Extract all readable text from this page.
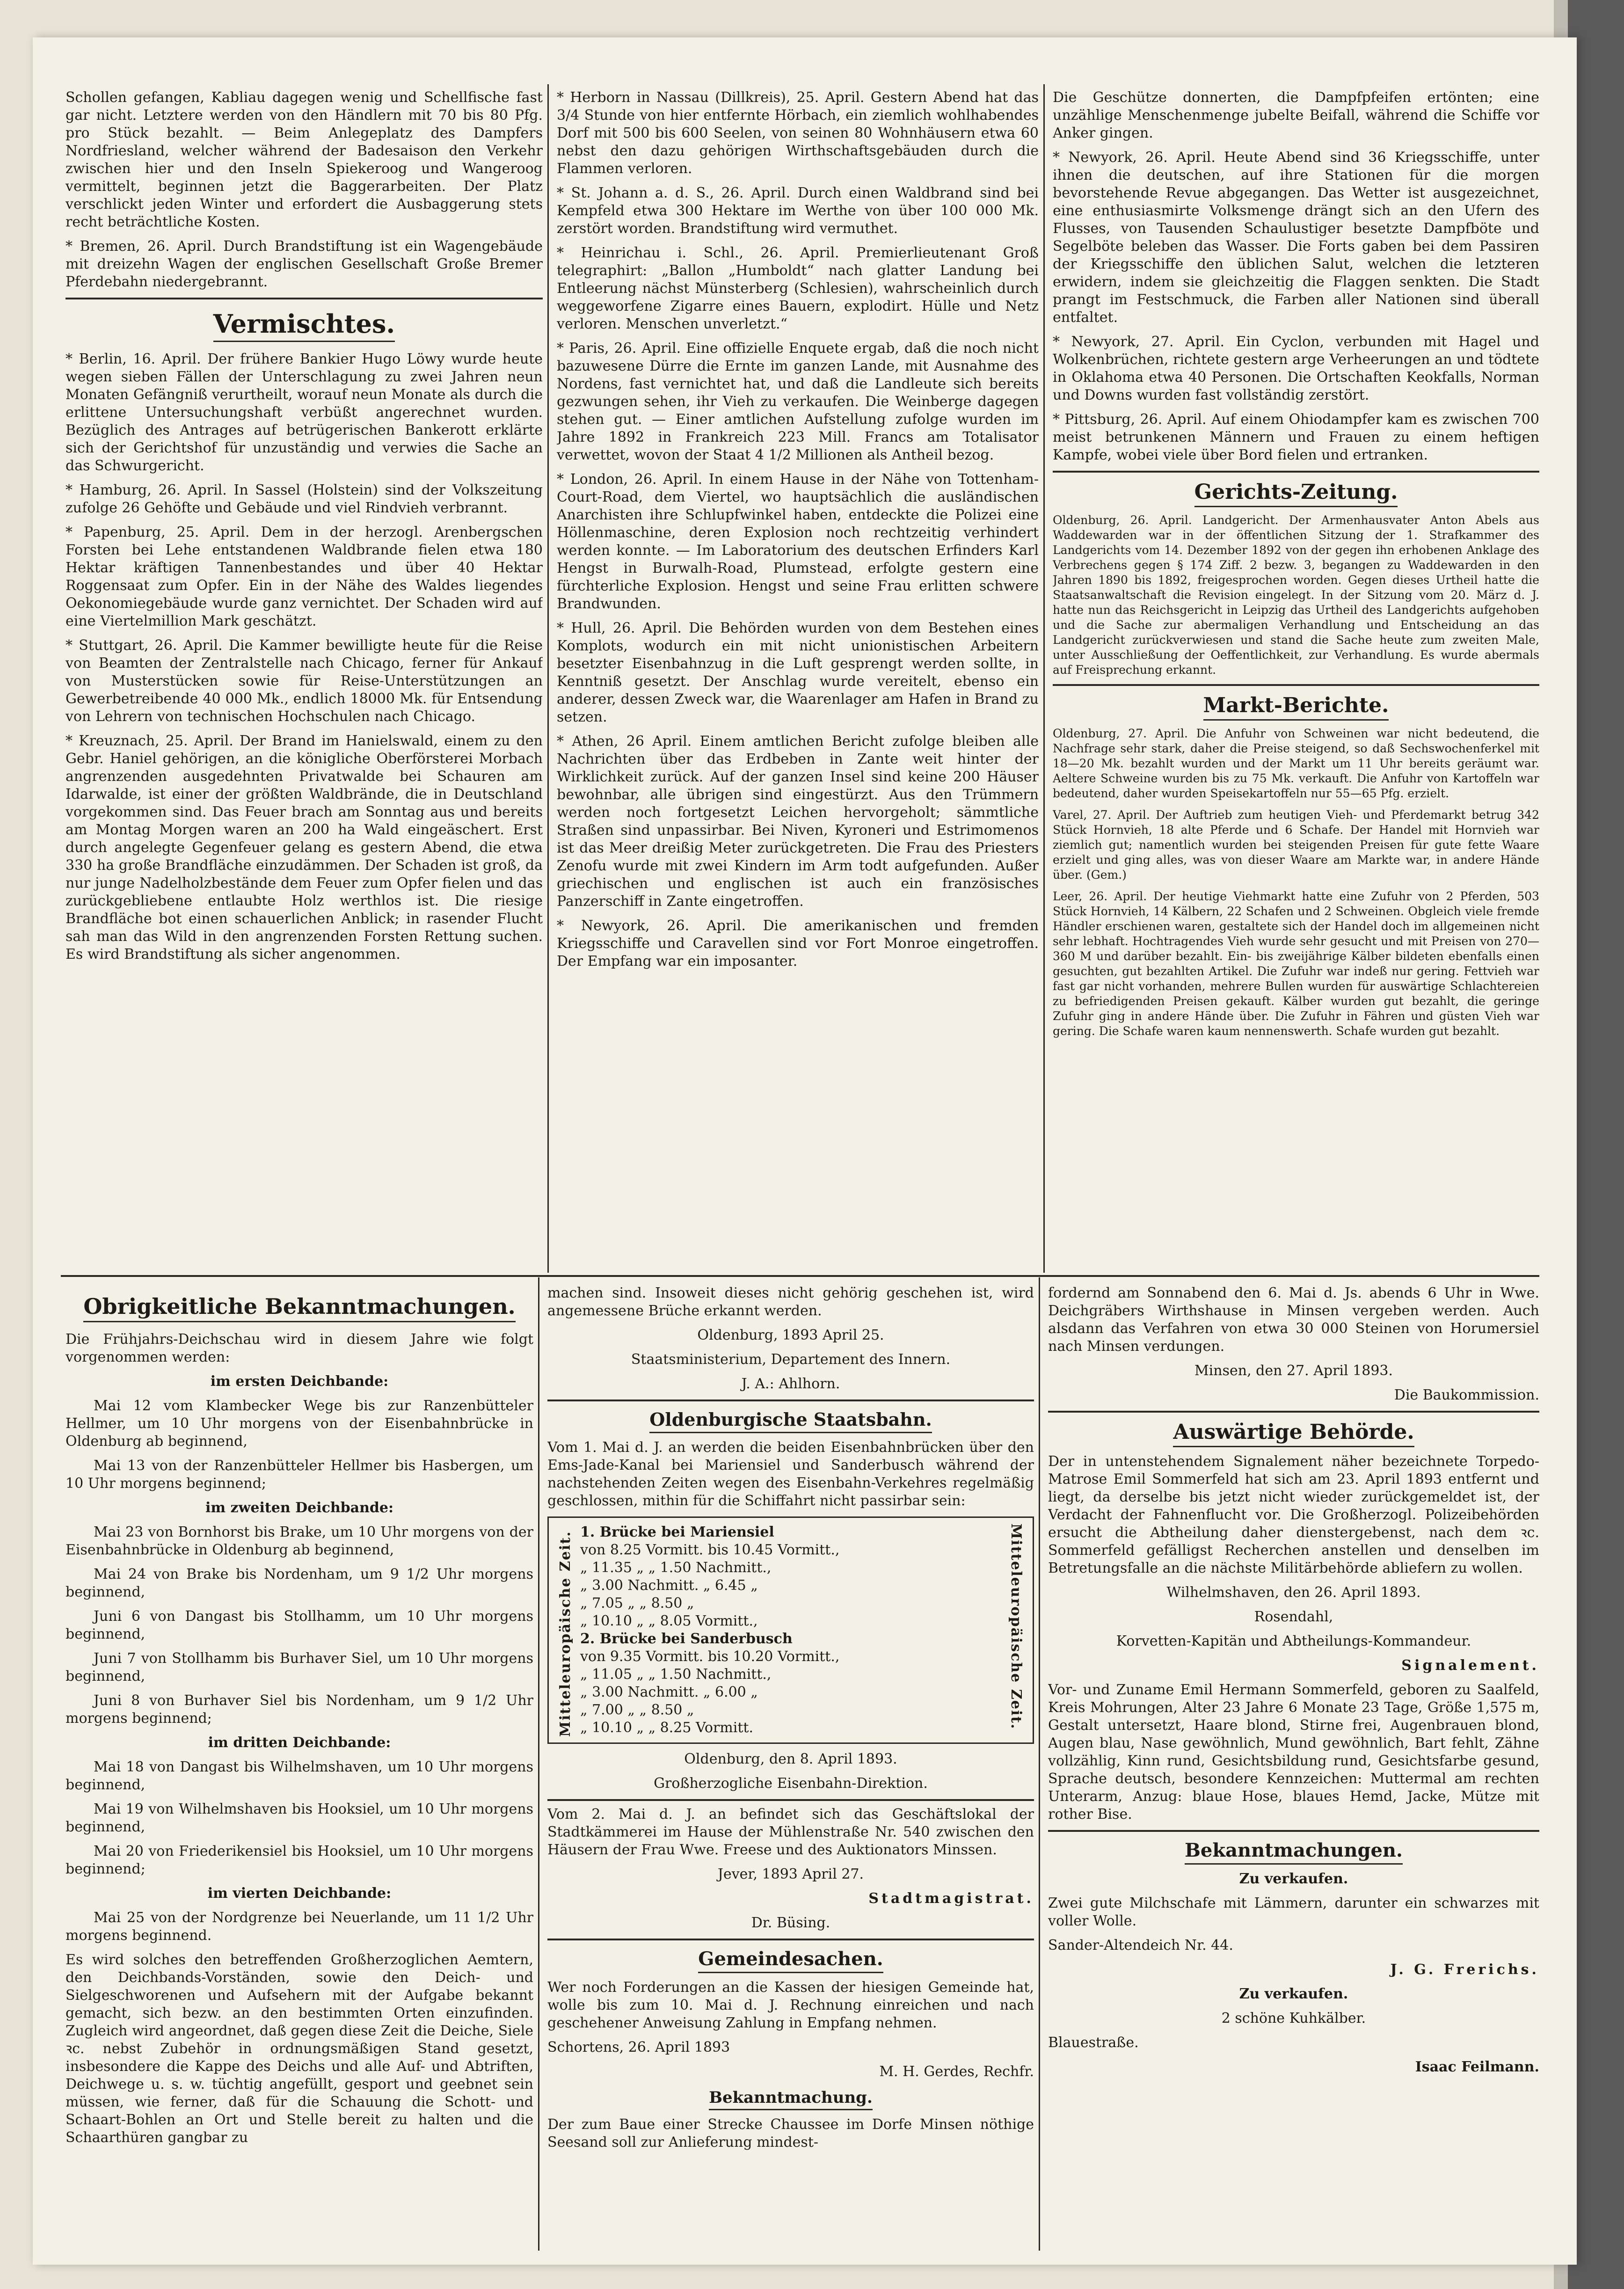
Schollen gefangen, Kabliau dagegen wenig und Schellfische fast gar nicht. Letztere werden von den Händlern mit 70 bis 80 Pfg. pro Stück bezahlt. — Beim Anlegeplatz des Dampfers Nordfriesland, welcher während der Badesaison den Verkehr zwischen hier und den Inseln Spiekeroog und Wangeroog vermittelt, beginnen jetzt die Baggerarbeiten. Der Platz verschlickt jeden Winter und erfordert die Ausbaggerung stets recht beträchtliche Kosten.

* Bremen, 26. April. Durch Brandstiftung ist ein Wagengebäude mit dreizehn Wagen der englischen Gesellschaft Große Bremer Pferdebahn niedergebrannt.

Vermischtes.

* Berlin, 16. April. Der frühere Bankier Hugo Löwy wurde heute wegen sieben Fällen der Unterschlagung zu zwei Jahren neun Monaten Gefängniß verurtheilt, worauf neun Monate als durch die erlittene Untersuchungshaft verbüßt angerechnet wurden. Bezüglich des Antrages auf betrügerischen Bankerott erklärte sich der Gerichtshof für unzuständig und verwies die Sache an das Schwurgericht.

* Hamburg, 26. April. In Sassel (Holstein) sind der Volkszeitung zufolge 26 Gehöfte und Gebäude und viel Rindvieh verbrannt.

* Papenburg, 25. April. Dem in der herzogl. Arenbergschen Forsten bei Lehe entstandenen Waldbrande fielen etwa 180 Hektar kräftigen Tannenbestandes und über 40 Hektar Roggensaat zum Opfer. Ein in der Nähe des Waldes liegendes Oekonomiegebäude wurde ganz vernichtet. Der Schaden wird auf eine Viertelmillion Mark geschätzt.

* Stuttgart, 26. April. Die Kammer bewilligte heute für die Reise von Beamten der Zentralstelle nach Chicago, ferner für Ankauf von Musterstücken sowie für Reise-Unterstützungen an Gewerbetreibende 40 000 Mk., endlich 18000 Mk. für Entsendung von Lehrern von technischen Hochschulen nach Chicago.

* Kreuznach, 25. April. Der Brand im Hanielswald, einem zu den Gebr. Haniel gehörigen, an die königliche Oberförsterei Morbach angrenzenden ausgedehnten Privatwalde bei Schauren am Idarwalde, ist einer der größten Waldbrände, die in Deutschland vorgekommen sind. Das Feuer brach am Sonntag aus und bereits am Montag Morgen waren an 200 ha Wald eingeäschert. Erst durch angelegte Gegenfeuer gelang es gestern Abend, die etwa 330 ha große Brandfläche einzudämmen. Der Schaden ist groß, da nur junge Nadelholzbestände dem Feuer zum Opfer fielen und das zurückgebliebene entlaubte Holz werthlos ist. Die riesige Brandfläche bot einen schauerlichen Anblick; in rasender Flucht sah man das Wild in den angrenzenden Forsten Rettung suchen. Es wird Brandstiftung als sicher angenommen.

* Herborn in Nassau (Dillkreis), 25. April. Gestern Abend hat das 3/4 Stunde von hier entfernte Hörbach, ein ziemlich wohlhabendes Dorf mit 500 bis 600 Seelen, von seinen 80 Wohnhäusern etwa 60 nebst den dazu gehörigen Wirthschaftsgebäuden durch die Flammen verloren.

* St. Johann a. d. S., 26. April. Durch einen Waldbrand sind bei Kempfeld etwa 300 Hektare im Werthe von über 100 000 Mk. zerstört worden. Brandstiftung wird vermuthet.

* Heinrichau i. Schl., 26. April. Premierlieutenant Groß telegraphirt: „Ballon „Humboldt“ nach glatter Landung bei Entleerung nächst Münsterberg (Schlesien), wahrscheinlich durch weggeworfene Zigarre eines Bauern, explodirt. Hülle und Netz verloren. Menschen unverletzt.“

* Paris, 26. April. Eine offizielle Enquete ergab, daß die noch nicht bazuwesene Dürre die Ernte im ganzen Lande, mit Ausnahme des Nordens, fast vernichtet hat, und daß die Landleute sich bereits gezwungen sehen, ihr Vieh zu verkaufen. Die Weinberge dagegen stehen gut. — Einer amtlichen Aufstellung zufolge wurden im Jahre 1892 in Frankreich 223 Mill. Francs am Totalisator verwettet, wovon der Staat 4 1/2 Millionen als Antheil bezog.

* London, 26. April. In einem Hause in der Nähe von Tottenham-Court-Road, dem Viertel, wo hauptsächlich die ausländischen Anarchisten ihre Schlupfwinkel haben, entdeckte die Polizei eine Höllenmaschine, deren Explosion noch rechtzeitig verhindert werden konnte. — Im Laboratorium des deutschen Erfinders Karl Hengst in Burwalh-Road, Plumstead, erfolgte gestern eine fürchterliche Explosion. Hengst und seine Frau erlitten schwere Brandwunden.

* Hull, 26. April. Die Behörden wurden von dem Bestehen eines Komplots, wodurch ein mit nicht unionistischen Arbeitern besetzter Eisenbahnzug in die Luft gesprengt werden sollte, in Kenntniß gesetzt. Der Anschlag wurde vereitelt, ebenso ein anderer, dessen Zweck war, die Waarenlager am Hafen in Brand zu setzen.

* Athen, 26 April. Einem amtlichen Bericht zufolge bleiben alle Nachrichten über das Erdbeben in Zante weit hinter der Wirklichkeit zurück. Auf der ganzen Insel sind keine 200 Häuser bewohnbar, alle übrigen sind eingestürzt. Aus den Trümmern werden noch fortgesetzt Leichen hervorgeholt; sämmtliche Straßen sind unpassirbar. Bei Niven, Kyroneri und Estrimomenos ist das Meer dreißig Meter zurückgetreten. Die Frau des Priesters Zenofu wurde mit zwei Kindern im Arm todt aufgefunden. Außer griechischen und englischen ist auch ein französisches Panzerschiff in Zante eingetroffen.

* Newyork, 26. April. Die amerikanischen und fremden Kriegsschiffe und Caravellen sind vor Fort Monroe eingetroffen. Der Empfang war ein imposanter.

Die Geschütze donnerten, die Dampfpfeifen ertönten; eine unzählige Menschenmenge jubelte Beifall, während die Schiffe vor Anker gingen.

* Newyork, 26. April. Heute Abend sind 36 Kriegsschiffe, unter ihnen die deutschen, auf ihre Stationen für die morgen bevorstehende Revue abgegangen. Das Wetter ist ausgezeichnet, eine enthusiasmirte Volksmenge drängt sich an den Ufern des Flusses, von Tausenden Schaulustiger besetzte Dampfböte und Segelböte beleben das Wasser. Die Forts gaben bei dem Passiren der Kriegsschiffe den üblichen Salut, welchen die letzteren erwidern, indem sie gleichzeitig die Flaggen senkten. Die Stadt prangt im Festschmuck, die Farben aller Nationen sind überall entfaltet.

* Newyork, 27. April. Ein Cyclon, verbunden mit Hagel und Wolkenbrüchen, richtete gestern arge Verheerungen an und tödtete in Oklahoma etwa 40 Personen. Die Ortschaften Keokfalls, Norman und Downs wurden fast vollständig zerstört.

* Pittsburg, 26. April. Auf einem Ohiodampfer kam es zwischen 700 meist betrunkenen Männern und Frauen zu einem heftigen Kampfe, wobei viele über Bord fielen und ertranken.

Gerichts-Zeitung.

Oldenburg, 26. April. Landgericht. Der Armenhausvater Anton Abels aus Waddewarden war in der öffentlichen Sitzung der 1. Strafkammer des Landgerichts vom 14. Dezember 1892 von der gegen ihn erhobenen Anklage des Verbrechens gegen § 174 Ziff. 2 bezw. 3, begangen zu Waddewarden in den Jahren 1890 bis 1892, freigesprochen worden. Gegen dieses Urtheil hatte die Staatsanwaltschaft die Revision eingelegt. In der Sitzung vom 20. März d. J. hatte nun das Reichsgericht in Leipzig das Urtheil des Landgerichts aufgehoben und die Sache zur abermaligen Verhandlung und Entscheidung an das Landgericht zurückverwiesen und stand die Sache heute zum zweiten Male, unter Ausschließung der Oeffentlichkeit, zur Verhandlung. Es wurde abermals auf Freisprechung erkannt.

Markt-Berichte.

Oldenburg, 27. April. Die Anfuhr von Schweinen war nicht bedeutend, die Nachfrage sehr stark, daher die Preise steigend, so daß Sechswochenferkel mit 18—20 Mk. bezahlt wurden und der Markt um 11 Uhr bereits geräumt war. Aeltere Schweine wurden bis zu 75 Mk. verkauft. Die Anfuhr von Kartoffeln war bedeutend, daher wurden Speisekartoffeln nur 55—65 Pfg. erzielt.

Varel, 27. April. Der Auftrieb zum heutigen Vieh- und Pferdemarkt betrug 342 Stück Hornvieh, 18 alte Pferde und 6 Schafe. Der Handel mit Hornvieh war ziemlich gut; namentlich wurden bei steigenden Preisen für gute fette Waare erzielt und ging alles, was von dieser Waare am Markte war, in andere Hände über. (Gem.)

Leer, 26. April. Der heutige Viehmarkt hatte eine Zufuhr von 2 Pferden, 503 Stück Hornvieh, 14 Kälbern, 22 Schafen und 2 Schweinen. Obgleich viele fremde Händler erschienen waren, gestaltete sich der Handel doch im allgemeinen nicht sehr lebhaft. Hochtragendes Vieh wurde sehr gesucht und mit Preisen von 270—360 M und darüber bezahlt. Ein- bis zweijährige Kälber bildeten ebenfalls einen gesuchten, gut bezahlten Artikel. Die Zufuhr war indeß nur gering. Fettvieh war fast gar nicht vorhanden, mehrere Bullen wurden für auswärtige Schlachtereien zu befriedigenden Preisen gekauft. Kälber wurden gut bezahlt, die geringe Zufuhr ging in andere Hände über. Die Zufuhr in Fähren und güsten Vieh war gering. Die Schafe waren kaum nennenswerth. Schafe wurden gut bezahlt.

Obrigkeitliche Bekanntmachungen.

Die Frühjahrs-Deichschau wird in diesem Jahre wie folgt vorgenommen werden:

im ersten Deichbande:

Mai 12 vom Klambecker Wege bis zur Ranzenbütteler Hellmer, um 10 Uhr morgens von der Eisenbahnbrücke in Oldenburg ab beginnend,

Mai 13 von der Ranzenbütteler Hellmer bis Hasbergen, um 10 Uhr morgens beginnend;

im zweiten Deichbande:

Mai 23 von Bornhorst bis Brake, um 10 Uhr morgens von der Eisenbahnbrücke in Oldenburg ab beginnend,

Mai 24 von Brake bis Nordenham, um 9 1/2 Uhr morgens beginnend,

Juni 6 von Dangast bis Stollhamm, um 10 Uhr morgens beginnend,

Juni 7 von Stollhamm bis Burhaver Siel, um 10 Uhr morgens beginnend,

Juni 8 von Burhaver Siel bis Nordenham, um 9 1/2 Uhr morgens beginnend;

im dritten Deichbande:

Mai 18 von Dangast bis Wilhelmshaven, um 10 Uhr morgens beginnend,

Mai 19 von Wilhelmshaven bis Hooksiel, um 10 Uhr morgens beginnend,

Mai 20 von Friederikensiel bis Hooksiel, um 10 Uhr morgens beginnend;

im vierten Deichbande:

Mai 25 von der Nordgrenze bei Neuerlande, um 11 1/2 Uhr morgens beginnend.

Es wird solches den betreffenden Großherzoglichen Aemtern, den Deichbands-Vorständen, sowie den Deich- und Sielgeschworenen und Aufsehern mit der Aufgabe bekannt gemacht, sich bezw. an den bestimmten Orten einzufinden. Zugleich wird angeordnet, daß gegen diese Zeit die Deiche, Siele ꝛc. nebst Zubehör in ordnungsmäßigen Stand gesetzt, insbesondere die Kappe des Deichs und alle Auf- und Abtriften, Deichwege u. s. w. tüchtig angefüllt, gesport und geebnet sein müssen, wie ferner, daß für die Schauung die Schott- und Schaart-Bohlen an Ort und Stelle bereit zu halten und die Schaarthüren gangbar zu

machen sind. Insoweit dieses nicht gehörig geschehen ist, wird angemessene Brüche erkannt werden.

Oldenburg, 1893 April 25.

Staatsministerium, Departement des Innern.

J. A.: Ahlhorn.

Oldenburgische Staatsbahn.

Vom 1. Mai d. J. an werden die beiden Eisenbahnbrücken über den Ems-Jade-Kanal bei Mariensiel und Sanderbusch während der nachstehenden Zeiten wegen des Eisenbahn-Verkehres regelmäßig geschlossen, mithin für die Schiffahrt nicht passirbar sein:

Mitteleuropäische Zeit. 1. Brücke bei Mariensiel

von 8.25 Vormitt. bis 10.45 Vormitt.,

„ 11.35 „ „ 1.50 Nachmitt.,

„ 3.00 Nachmitt. „ 6.45 „

„ 7.05 „ „ 8.50 „

„ 10.10 „ „ 8.05 Vormitt.,

2. Brücke bei Sanderbusch

von 9.35 Vormitt. bis 10.20 Vormitt.,

„ 11.05 „ „ 1.50 Nachmitt.,

„ 3.00 Nachmitt. „ 6.00 „

„ 7.00 „ „ 8.50 „

„ 10.10 „ „ 8.25 Vormitt.	Mitteleuropäische Zeit.

Oldenburg, den 8. April 1893.

Großherzogliche Eisenbahn-Direktion.

Vom 2. Mai d. J. an befindet sich das Geschäftslokal der Stadtkämmerei im Hause der Mühlenstraße Nr. 540 zwischen den Häusern der Frau Wwe. Freese und des Auktionators Minssen.

Jever, 1893 April 27.

Stadtmagistrat.

Dr. Büsing.

Gemeindesachen.

Wer noch Forderungen an die Kassen der hiesigen Gemeinde hat, wolle bis zum 10. Mai d. J. Rechnung einreichen und nach geschehener Anweisung Zahlung in Empfang nehmen.

Schortens, 26. April 1893

M. H. Gerdes, Rechfr.

Bekanntmachung.

Der zum Baue einer Strecke Chaussee im Dorfe Minsen nöthige Seesand soll zur Anlieferung mindest-

fordernd am Sonnabend den 6. Mai d. Js. abends 6 Uhr in Wwe. Deichgräbers Wirthshause in Minsen vergeben werden. Auch alsdann das Verfahren von etwa 30 000 Steinen von Horumersiel nach Minsen verdungen.

Minsen, den 27. April 1893.

Die Baukommission.

Auswärtige Behörde.

Der in untenstehendem Signalement näher bezeichnete Torpedo-Matrose Emil Sommerfeld hat sich am 23. April 1893 entfernt und liegt, da derselbe bis jetzt nicht wieder zurückgemeldet ist, der Verdacht der Fahnenflucht vor. Die Großherzogl. Polizeibehörden ersucht die Abtheilung daher dienstergebenst, nach dem ꝛc. Sommerfeld gefälligst Recherchen anstellen und denselben im Betretungsfalle an die nächste Militärbehörde abliefern zu wollen.

Wilhelmshaven, den 26. April 1893.

Rosendahl,

Korvetten-Kapitän und Abtheilungs-Kommandeur.

Signalement.

Vor- und Zuname Emil Hermann Sommerfeld, geboren zu Saalfeld, Kreis Mohrungen, Alter 23 Jahre 6 Monate 23 Tage, Größe 1,575 m, Gestalt untersetzt, Haare blond, Stirne frei, Augenbrauen blond, Augen blau, Nase gewöhnlich, Mund gewöhnlich, Bart fehlt, Zähne vollzählig, Kinn rund, Gesichtsbildung rund, Gesichtsfarbe gesund, Sprache deutsch, besondere Kennzeichen: Muttermal am rechten Unterarm, Anzug: blaue Hose, blaues Hemd, Jacke, Mütze mit rother Bise.

Bekanntmachungen.

Zu verkaufen.

Zwei gute Milchschafe mit Lämmern, darunter ein schwarzes mit voller Wolle.

Sander-Altendeich Nr. 44.

J. G. Frerichs.

Zu verkaufen.

2 schöne Kuhkälber.

Blauestraße.

Isaac Feilmann.
